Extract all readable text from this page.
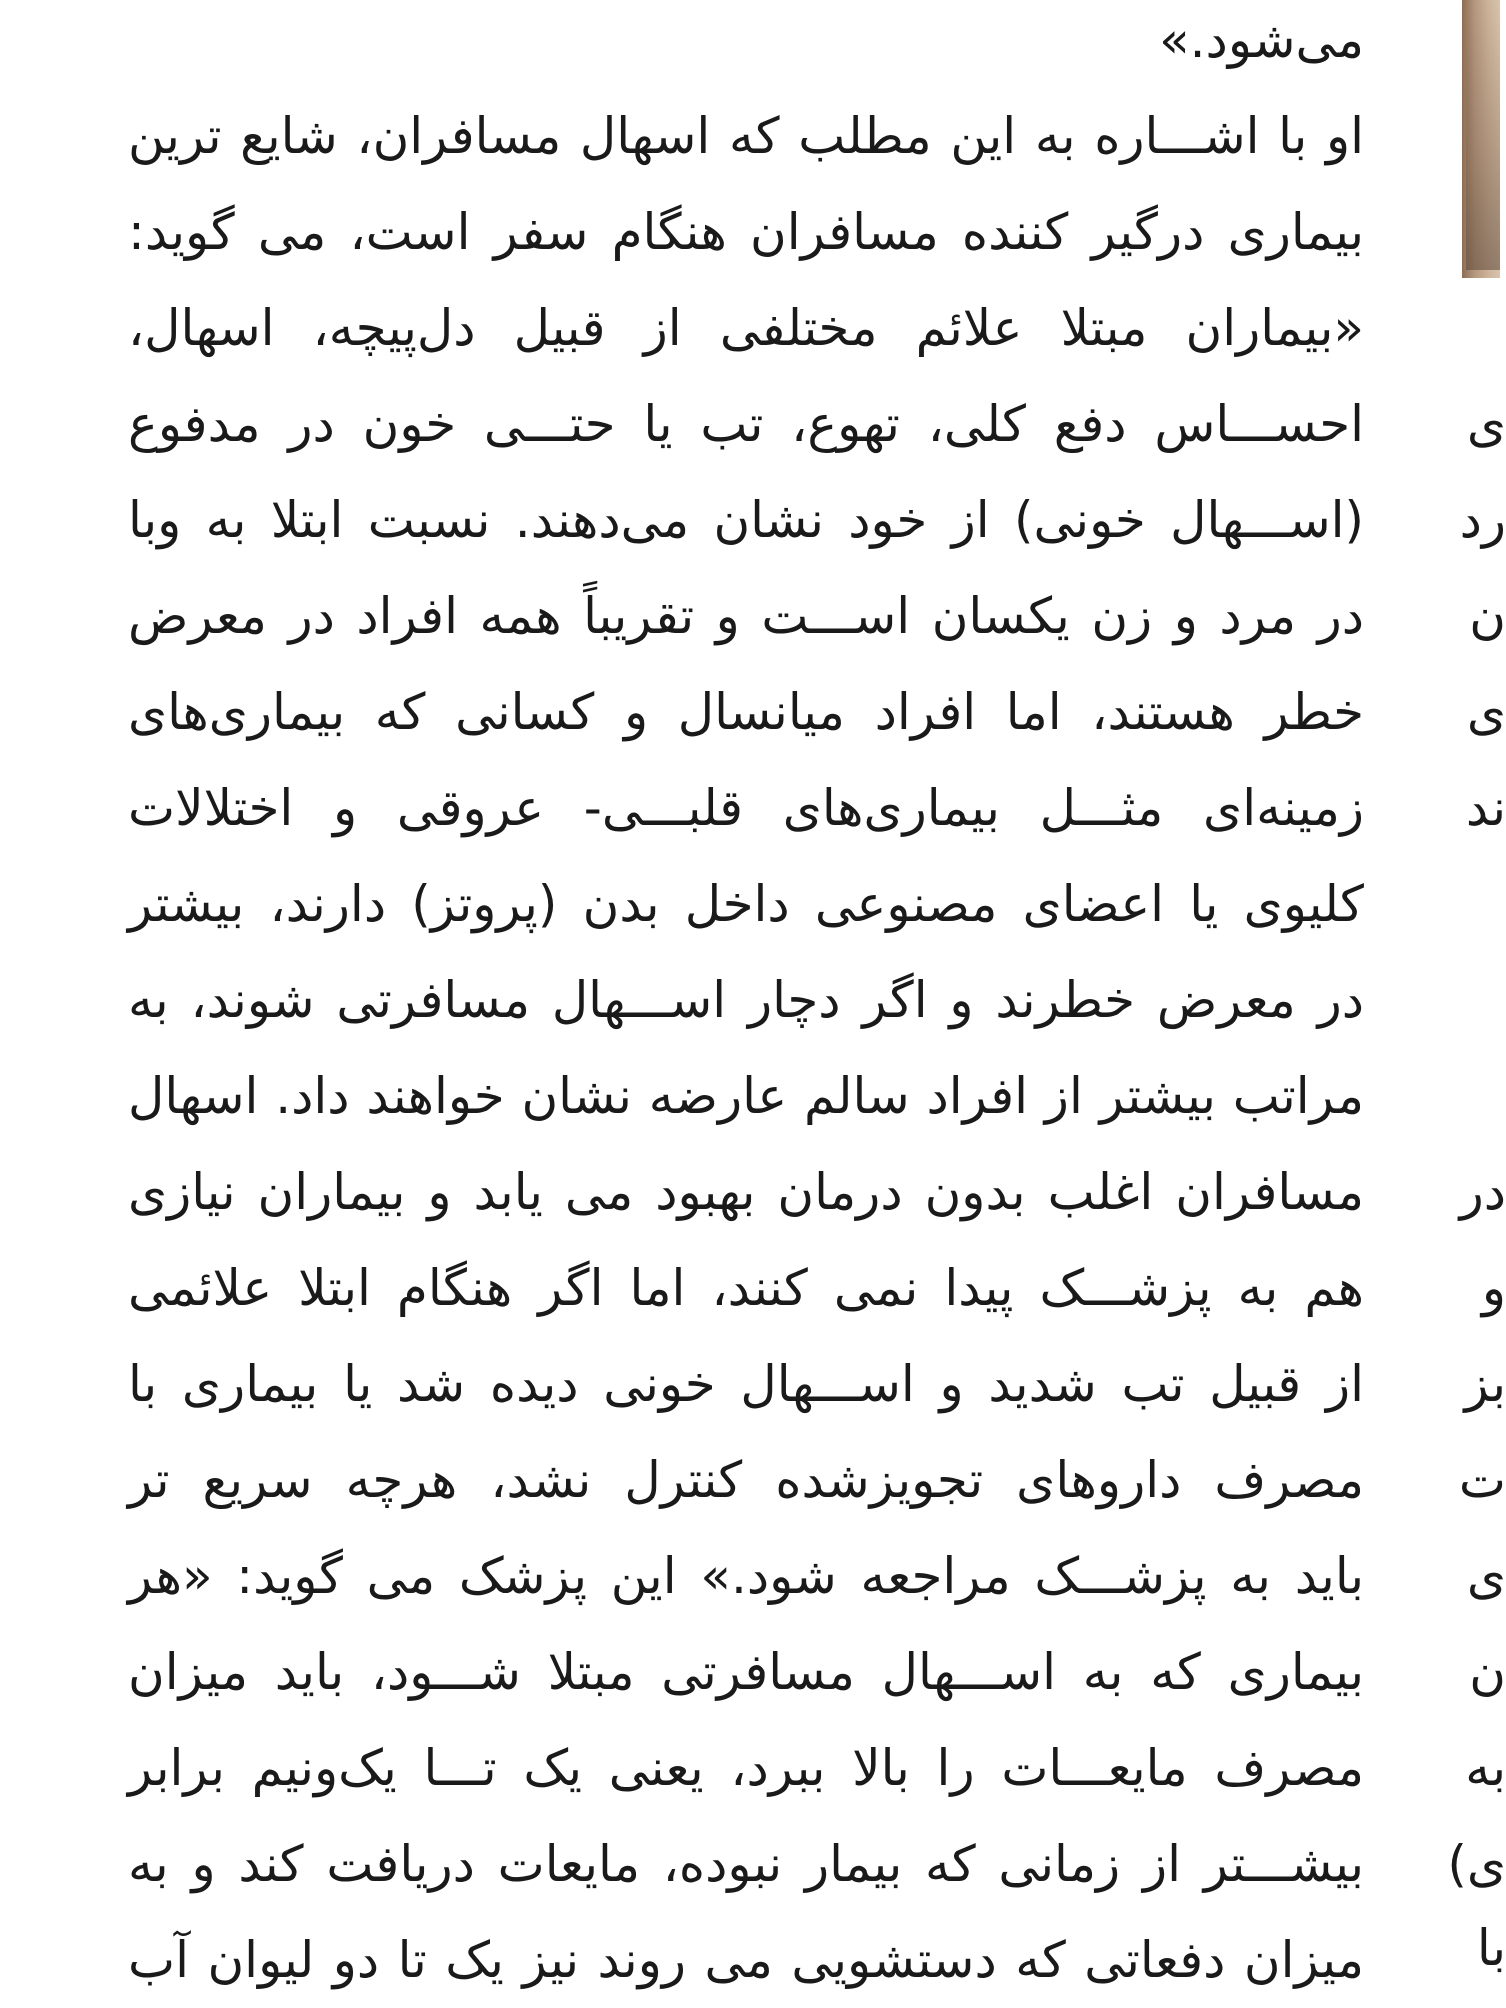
می‌شود.»
او با اشـــاره به این مطلب که اسهال مسافران، شایع ترین
بیماری درگیر کننده مسافران هنگام سفر است، می گوید:
«بیماران مبتلا علائم مختلفی از قبیل دل‌پیچه، اسهال،
احســـاس دفع کلی، تهوع، تب یا حتـــی خون در مدفوع
(اســـهال خونی) از خود نشان می‌دهند. نسبت ابتلا به وبا
در مرد و زن یکسان اســـت و تقریباً همه افراد در معرض
خطر هستند، اما افراد میانسال و کسانی که بیماری‌های
زمینه‌ای مثـــل بیماری‌های قلبـــی- عروقی و اختلالات
کلیوی یا اعضای مصنوعی داخل بدن (پروتز) دارند، بیشتر
در معرض خطرند و اگر دچار اســـهال مسافرتی شوند، به
مراتب بیشتر از افراد سالم عارضه نشان خواهند داد. اسهال
مسافران اغلب بدون درمان بهبود می یابد و بیماران نیازی
هم به پزشـــک پیدا نمی کنند، اما اگر هنگام ابتلا علائمی
از قبیل تب شدید و اســـهال خونی دیده شد یا بیماری با
مصرف داروهای تجویزشده کنترل نشد، هرچه سریع تر
باید به پزشـــک مراجعه شود.» این پزشک می گوید: «هر
بیماری که به اســـهال مسافرتی مبتلا شـــود، باید میزان
مصرف مایعـــات را بالا ببرد، یعنی یک تـــا یک‌ونیم برابر
بیشـــتر از زمانی که بیمار نبوده، مایعات دریافت کند و به
میزان دفعاتی که دستشویی می روند نیز یک تا دو لیوان آب
ی
رد
ن
ی
ند
در
و
بز
ت
ی
ن
به
ی)
با
